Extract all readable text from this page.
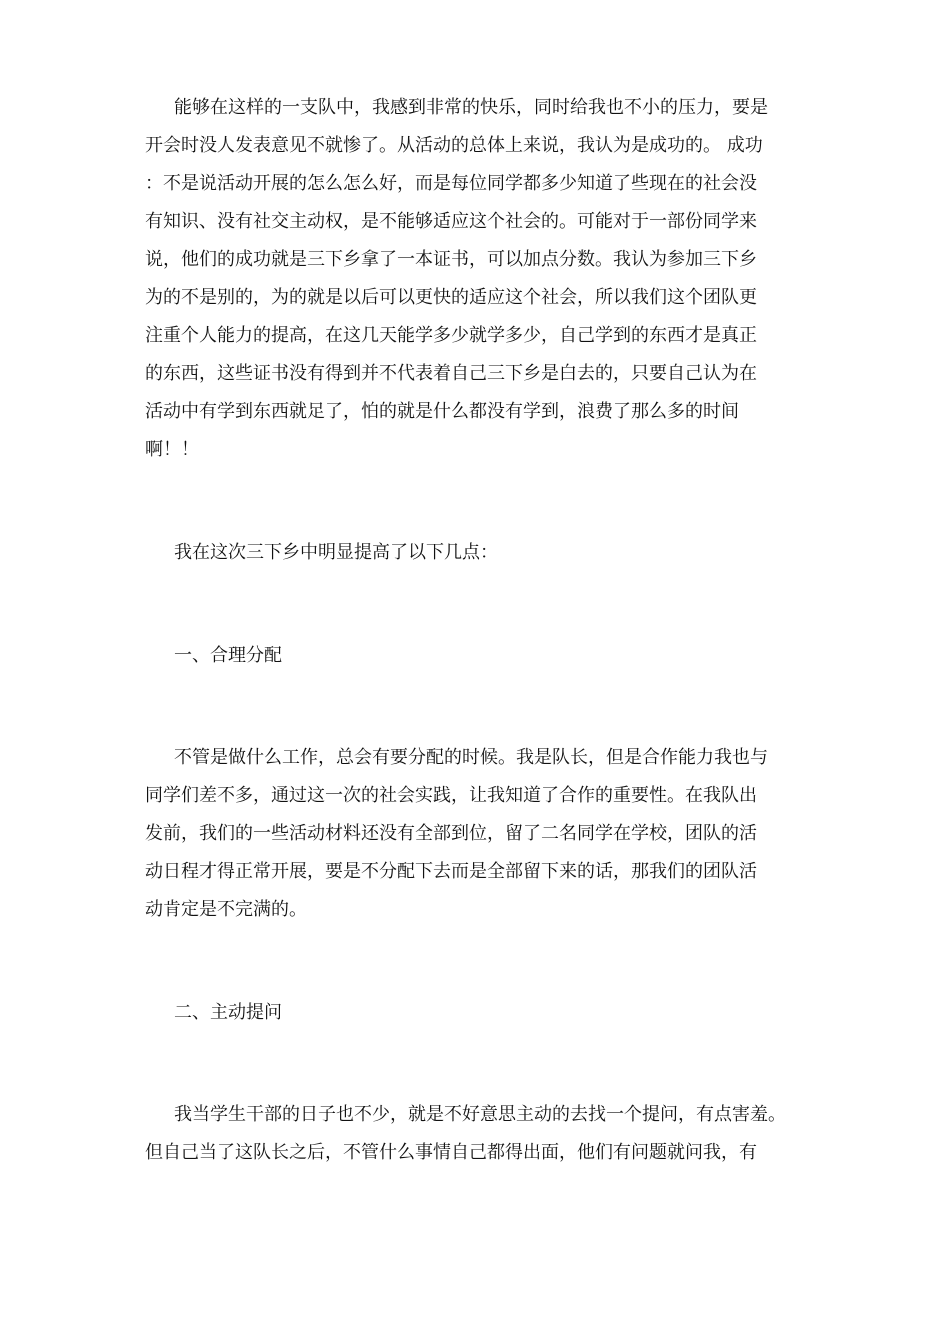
能够在这样的一支队中，我感到非常的快乐，同时给我也不小的压力，要是
开会时没人发表意见不就惨了。从活动的总体上来说，我认为是成功的。 成功
：不是说活动开展的怎么怎么好，而是每位同学都多少知道了些现在的社会没
有知识、没有社交主动权，是不能够适应这个社会的。可能对于一部份同学来
说，他们的成功就是三下乡拿了一本证书，可以加点分数。我认为参加三下乡
为的不是别的，为的就是以后可以更快的适应这个社会，所以我们这个团队更
注重个人能力的提高，在这几天能学多少就学多少，自己学到的东西才是真正
的东西，这些证书没有得到并不代表着自己三下乡是白去的，只要自己认为在
活动中有学到东西就足了，怕的就是什么都没有学到，浪费了那么多的时间
啊！！
我在这次三下乡中明显提高了以下几点：
一、合理分配
不管是做什么工作，总会有要分配的时候。我是队长，但是合作能力我也与
同学们差不多，通过这一次的社会实践，让我知道了合作的重要性。在我队出
发前，我们的一些活动材料还没有全部到位，留了二名同学在学校，团队的活
动日程才得正常开展，要是不分配下去而是全部留下来的话，那我们的团队活
动肯定是不完满的。
二、主动提问
我当学生干部的日子也不少，就是不好意思主动的去找一个提问，有点害羞。
但自己当了这队长之后，不管什么事情自己都得出面，他们有问题就问我，有
